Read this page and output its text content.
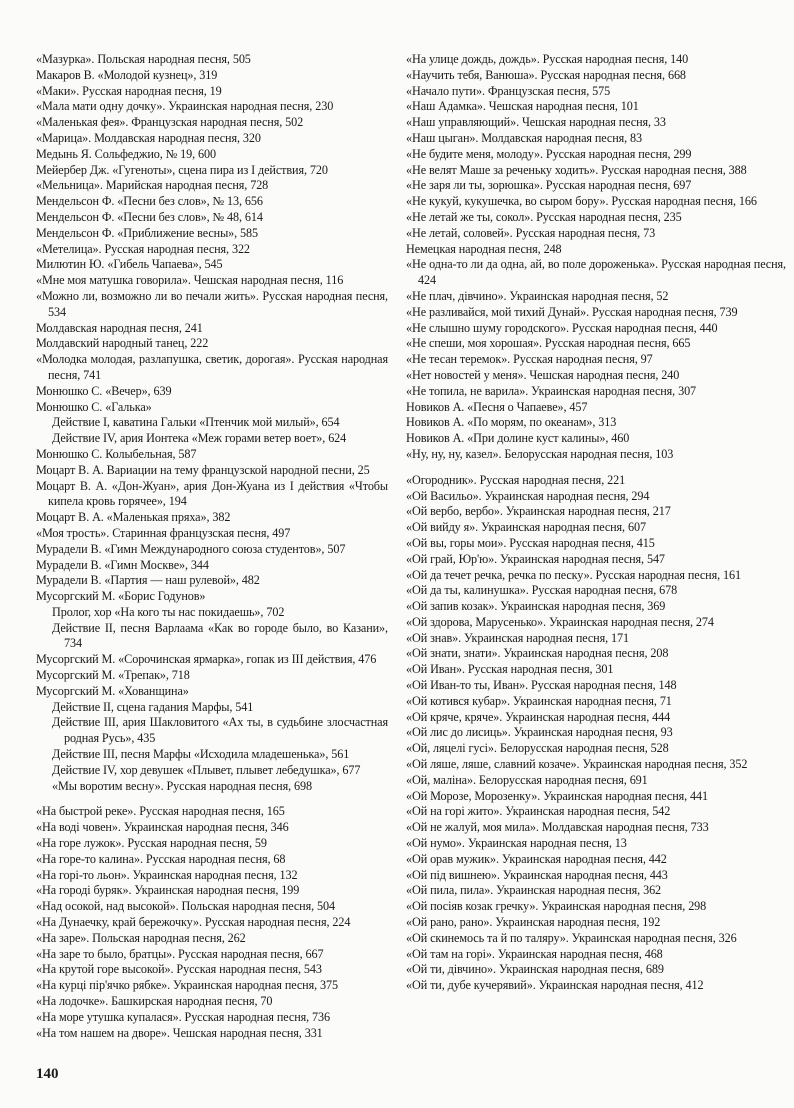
«Мазурка». Польская народная песня, 505
Макаров В. «Молодой кузнец», 319
«Маки». Русская народная песня, 19
«Мала мати одну дочку». Украинская народная песня, 230
«Маленькая фея». Французская народная песня, 502
«Марица». Молдавская народная песня, 320
Медынь Я. Сольфеджио, № 19, 600
Мейербер Дж. «Гугеноты», сцена пира из I действия, 720
«Мельница». Марийская народная песня, 728
Мендельсон Ф. «Песни без слов», № 13, 656
Мендельсон Ф. «Песни без слов», № 48, 614
Мендельсон Ф. «Приближение весны», 585
«Метелица». Русская народная песня, 322
Милютин Ю. «Гибель Чапаева», 545
«Мне моя матушка говорила». Чешская народная песня, 116
«Можно ли, возможно ли во печали жить». Русская народная песня, 534
Молдавская народная песня, 241
Молдавский народный танец, 222
«Молодка молодая, разлапушка, светик, дорогая». Русская народная песня, 741
Монюшко С. «Вечер», 639
Монюшко С. «Галька»
Действие I, каватина Гальки «Птенчик мой милый», 654
Действие IV, ария Ионтека «Меж горами ветер воет», 624
Монюшко С. Колыбельная, 587
Моцарт В. А. Вариации на тему французской народной песни, 25
Моцарт В. А. «Дон-Жуан», ария Дон-Жуана из I действия «Чтобы кипела кровь горячее», 194
Моцарт В. А. «Маленькая пряха», 382
«Моя трость». Старинная французская песня, 497
Мурадели В. «Гимн Международного союза студентов», 507
Мурадели В. «Гимн Москве», 344
Мурадели В. «Партия — наш рулевой», 482
Мусоргский М. «Борис Годунов»
Пролог, хор «На кого ты нас покидаешь», 702
Действие II, песня Варлаама «Как во городе было, во Казани», 734
Мусоргский М. «Сорочинская ярмарка», гопак из III действия, 476
Мусоргский М. «Трепак», 718
Мусоргский М. «Хованщина»
Действие II, сцена гадания Марфы, 541
Действие III, ария Шакловитого «Ах ты, в судьбине злосчастная родная Русь», 435
Действие III, песня Марфы «Исходила младешенька», 561
Действие IV, хор девушек «Плывет, плывет лебедушка», 677
«Мы воротим весну». Русская народная песня, 698
«На быстрой реке». Русская народная песня, 165
«На воді човен». Украинская народная песня, 346
«На горе лужок». Русская народная песня, 59
«На горе-то калина». Русская народная песня, 68
«На горі-то льон». Украинская народная песня, 132
«На городі буряк». Украинская народная песня, 199
«Над осокой, над высокой». Польская народная песня, 504
«На Дунаечку, край бережочку». Русская народная песня, 224
«На заре». Польская народная песня, 262
«На заре то было, братцы». Русская народная песня, 667
«На крутой горе высокой». Русская народная песня, 543
«На курці пір'ячко рябке». Украинская народная песня, 375
«На лодочке». Башкирская народная песня, 70
«На море утушка купалася». Русская народная песня, 736
«На том нашем на дворе». Чешская народная песня, 331
«На улице дождь, дождь». Русская народная песня, 140
«Научить тебя, Ванюша». Русская народная песня, 668
«Начало пути». Французская песня, 575
«Наш Адамка». Чешская народная песня, 101
«Наш управляющий». Чешская народная песня, 33
«Наш цыган». Молдавская народная песня, 83
«Не будите меня, молоду». Русская народная песня, 299
«Не велят Маше за реченьку ходить». Русская народная песня, 388
«Не заря ли ты, зорюшка». Русская народная песня, 697
«Не кукуй, кукушечка, во сыром бору». Русская народная песня, 166
«Не летай же ты, сокол». Русская народная песня, 235
«Не летай, соловей». Русская народная песня, 73
Немецкая народная песня, 248
«Не одна-то ли да одна, ай, во поле дороженька». Русская народная песня, 424
«Не плач, дівчино». Украинская народная песня, 52
«Не разливайся, мой тихий Дунай». Русская народная песня, 739
«Не слышно шуму городского». Русская народная песня, 440
«Не спеши, моя хорошая». Русская народная песня, 665
«Не тесан теремок». Русская народная песня, 97
«Нет новостей у меня». Чешская народная песня, 240
«Не топила, не варила». Украинская народная песня, 307
Новиков А. «Песня о Чапаеве», 457
Новиков А. «По морям, по океанам», 313
Новиков А. «При долине куст калины», 460
«Ну, ну, ну, казел». Белорусская народная песня, 103
«Огородник». Русская народная песня, 221
«Ой Васильо». Украинская народная песня, 294
«Ой вербо, вербо». Украинская народная песня, 217
«Ой вийду я». Украинская народная песня, 607
«Ой вы, горы мои». Русская народная песня, 415
«Ой грай, Юр'ю». Украинская народная песня, 547
«Ой да течет речка, речка по песку». Русская народная песня, 161
«Ой да ты, калинушка». Русская народная песня, 678
«Ой запив козак». Украинская народная песня, 369
«Ой здорова, Марусенько». Украинская народная песня, 274
«Ой знав». Украинская народная песня, 171
«Ой знати, знати». Украинская народная песня, 208
«Ой Иван». Русская народная песня, 301
«Ой Иван-то ты, Иван». Русская народная песня, 148
«Ой котився кубар». Украинская народная песня, 71
«Ой кряче, кряче». Украинская народная песня, 444
«Ой лис до лисиць». Украинская народная песня, 93
«Ой, ляцелі гусі». Белорусская народная песня, 528
«Ой ляше, ляше, славний козаче». Украинская народная песня, 352
«Ой, маліна». Белорусская народная песня, 691
«Ой Морозе, Морозенку». Украинская народная песня, 441
«Ой на горі жито». Украинская народная песня, 542
«Ой не жалуй, моя мила». Молдавская народная песня, 733
«Ой нумо». Украинская народная песня, 13
«Ой орав мужик». Украинская народная песня, 442
«Ой під вишнею». Украинская народная песня, 443
«Ой пила, пила». Украинская народная песня, 362
«Ой посіяв козак гречку». Украинская народная песня, 298
«Ой рано, рано». Украинская народная песня, 192
«Ой скинемось та й по таляру». Украинская народная песня, 326
«Ой там на горі». Украинская народная песня, 468
«Ой ти, дівчино». Украинская народная песня, 689
«Ой ти, дубе кучерявий». Украинская народная песня, 412
140
